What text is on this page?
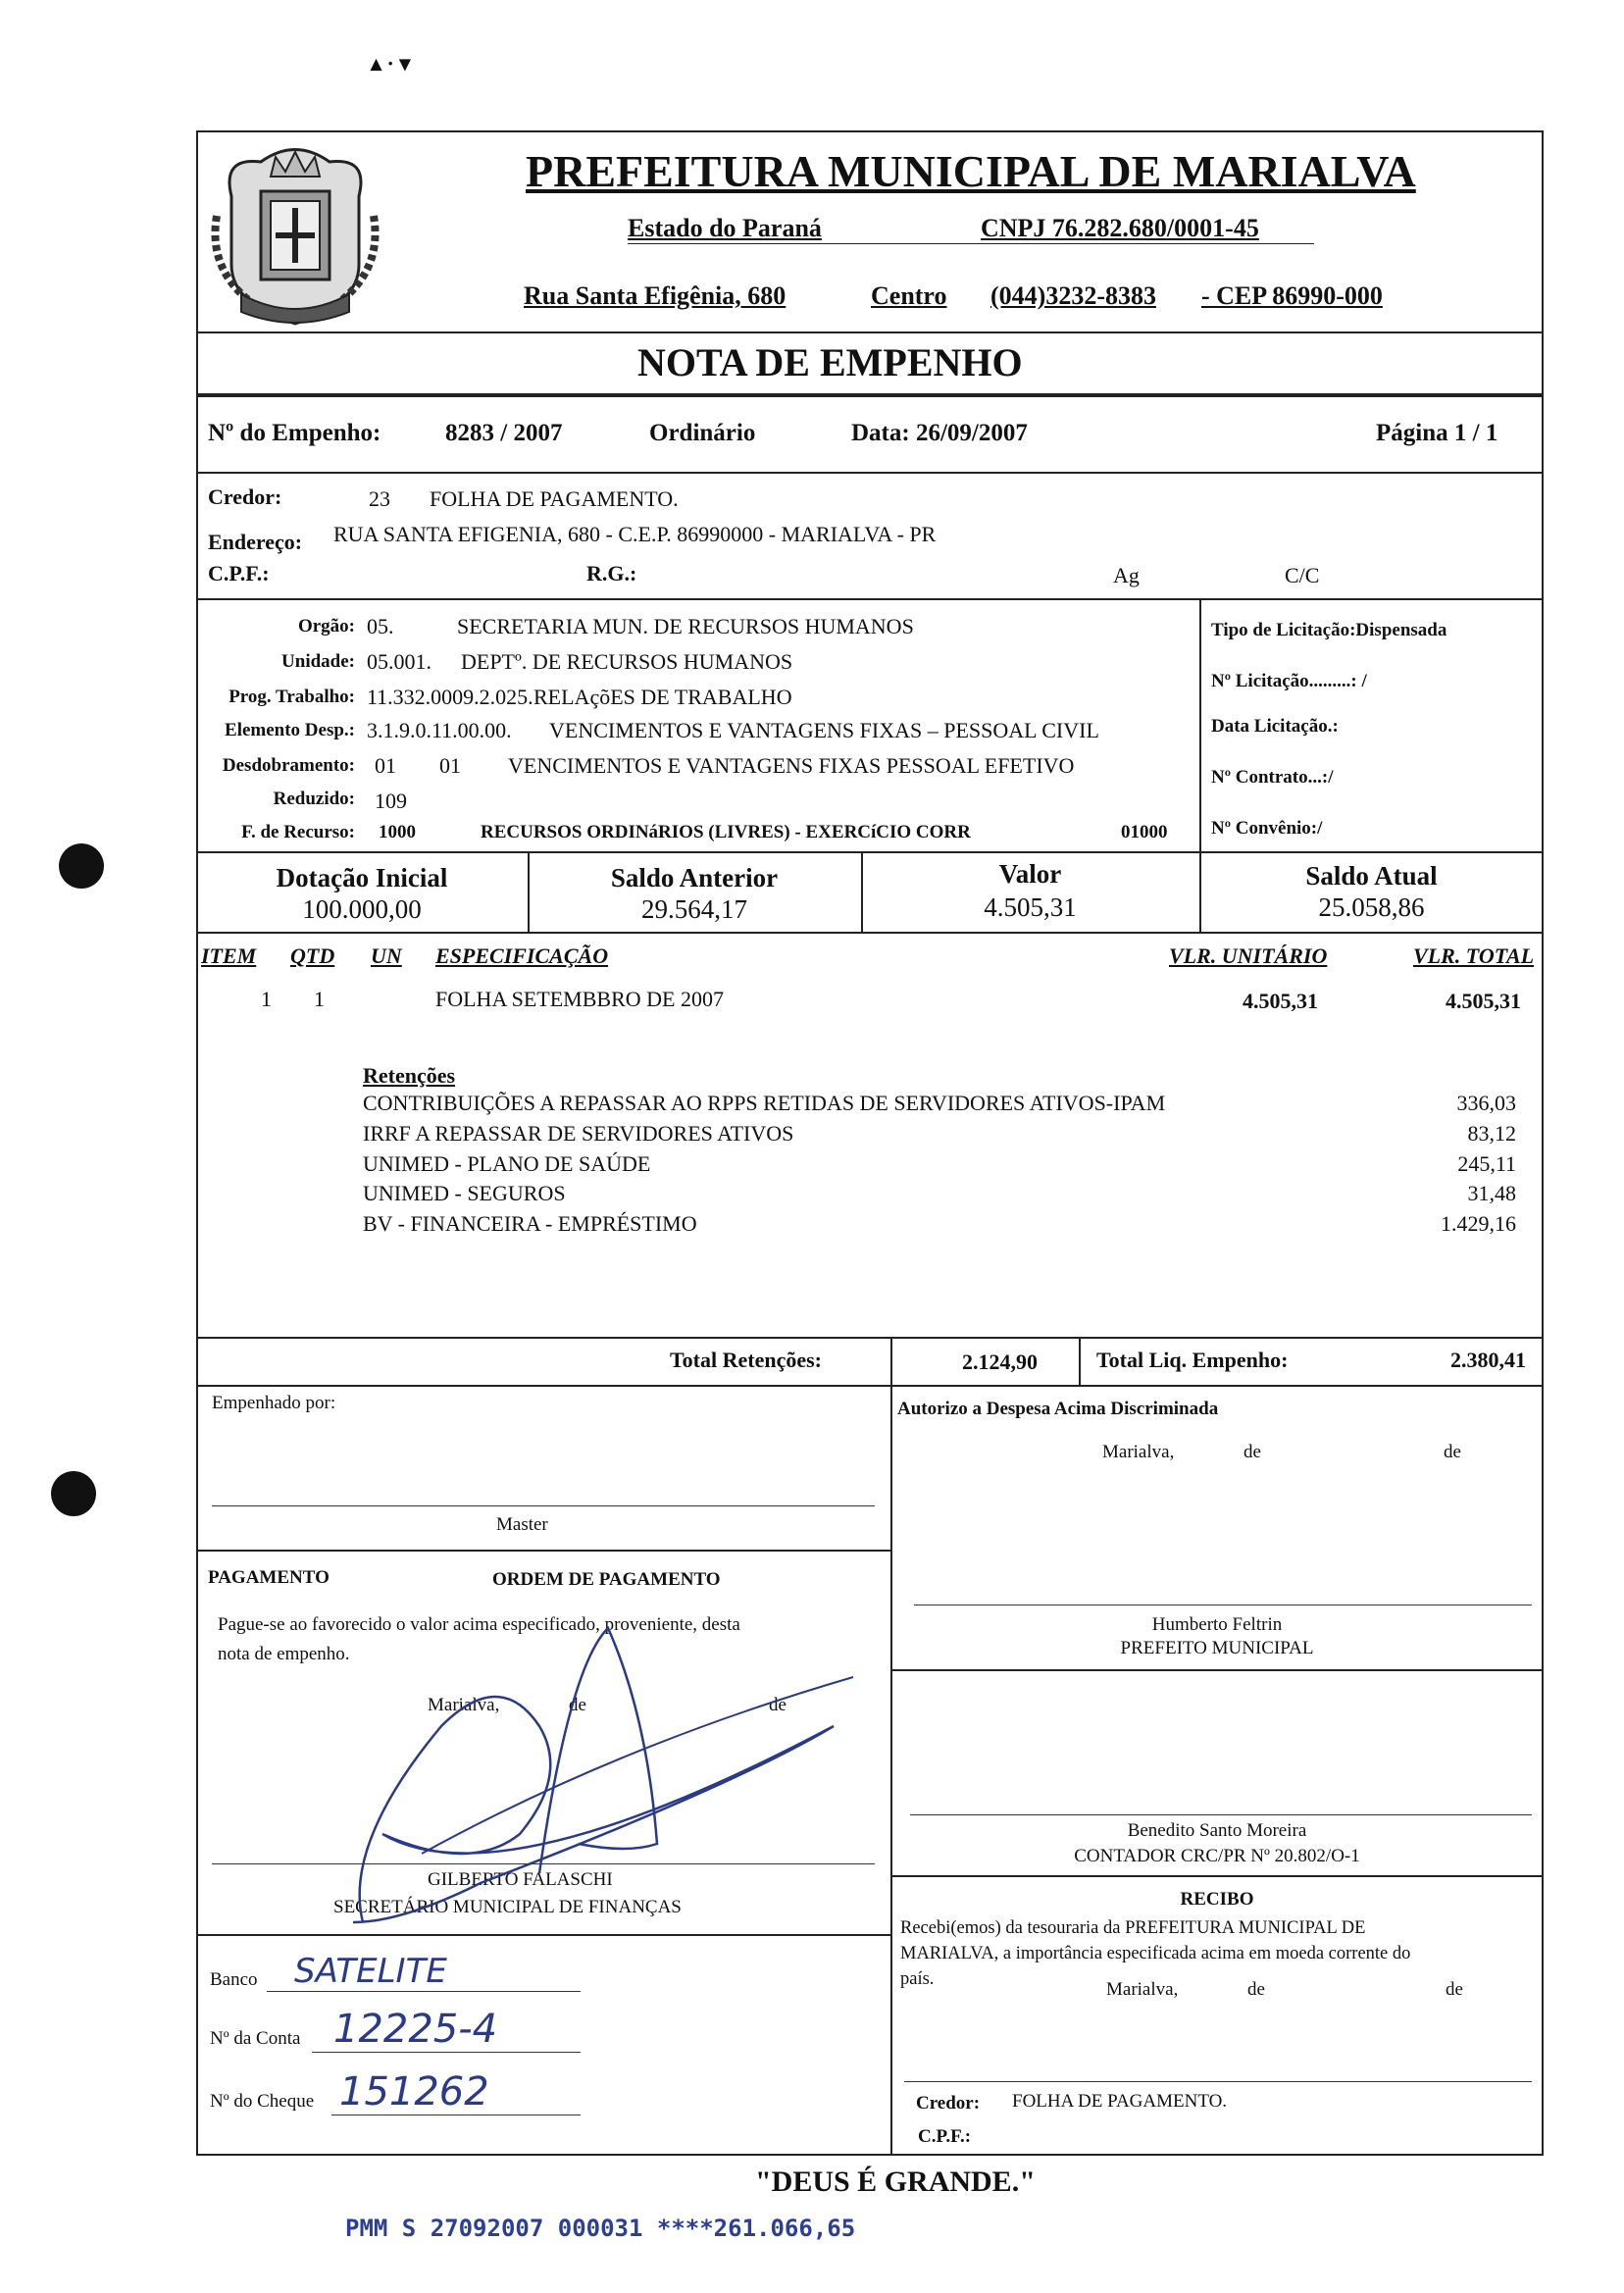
▴ · ▾
PREFEITURA MUNICIPAL DE MARIALVA
Estado do Paraná	CNPJ 76.282.680/0001-45
Rua Santa Efigênia, 680	Centro (044)3232-8383 - CEP 86990-000
NOTA DE EMPENHO
Nº do Empenho:	8283 / 2007	Ordinário	Data: 26/09/2007	Página 1 / 1
Credor:	23 FOLHA DE PAGAMENTO.
Endereço: RUA SANTA EFIGENIA, 680 - C.E.P. 86990000 - MARIALVA - PR
C.P.F.:	R.G.:	Ag	C/C
Orgão: 05.	SECRETARIA MUN. DE RECURSOS HUMANOS
Unidade: 05.001. DEPTº. DE RECURSOS HUMANOS
Prog. Trabalho: 11.332.0009.2.025. RELAçõES DE TRABALHO
Elemento Desp.: 3.1.9.0.11.00.00. VENCIMENTOS E VANTAGENS FIXAS – PESSOAL CIVIL
Desdobramento: 01 01 VENCIMENTOS E VANTAGENS FIXAS PESSOAL EFETIVO
Reduzido: 109
F. de Recurso: 1000	RECURSOS ORDINáRIOS (LIVRES) - EXERCíCIO CORR	01000
Tipo de Licitação:Dispensada
Nº Licitação.........: /
Data Licitação.:
Nº Contrato...:/
Nº Convênio:/
Dotação Inicial
100.000,00
Saldo Anterior
29.564,17
Valor
4.505,31
Saldo Atual
25.058,86
ITEM QTD UN ESPECIFICAÇÃO	VLR. UNITÁRIO	VLR. TOTAL
1 1	FOLHA SETEMBBRO DE 2007	4.505,31	4.505,31
Retenções
CONTRIBUIÇÕES A REPASSAR AO RPPS RETIDAS DE SERVIDORES ATIVOS-IPAM	336,03
IRRF A REPASSAR DE SERVIDORES ATIVOS	83,12
UNIMED - PLANO DE SAÚDE	245,11
UNIMED - SEGUROS	31,48
BV - FINANCEIRA - EMPRÉSTIMO	1.429,16
Total Retenções:	2.124,90	Total Liq. Empenho:	2.380,41
Empenhado por:
Master
PAGAMENTO	ORDEM DE PAGAMENTO
Pague-se ao favorecido o valor acima especificado, proveniente, desta
nota de empenho.
Marialva,	de	de
GILBERTO FALASCHI
SECRETÁRIO MUNICIPAL DE FINANÇAS
Banco SATELITE
Nº da Conta 12225-4
Nº do Cheque 151262
Autorizo a Despesa Acima Discriminada
Marialva,	de	de
Humberto Feltrin
PREFEITO MUNICIPAL
Benedito Santo Moreira
CONTADOR CRC/PR Nº 20.802/O-1
RECIBO
Recebi(emos) da tesouraria da PREFEITURA MUNICIPAL DE
MARIALVA, a importância especificada acima em moeda corrente do
país.	Marialva,	de	de
Credor: FOLHA DE PAGAMENTO.
C.P.F.:
"DEUS É GRANDE."
PMM S 27092007 000031 ****261.066,65
